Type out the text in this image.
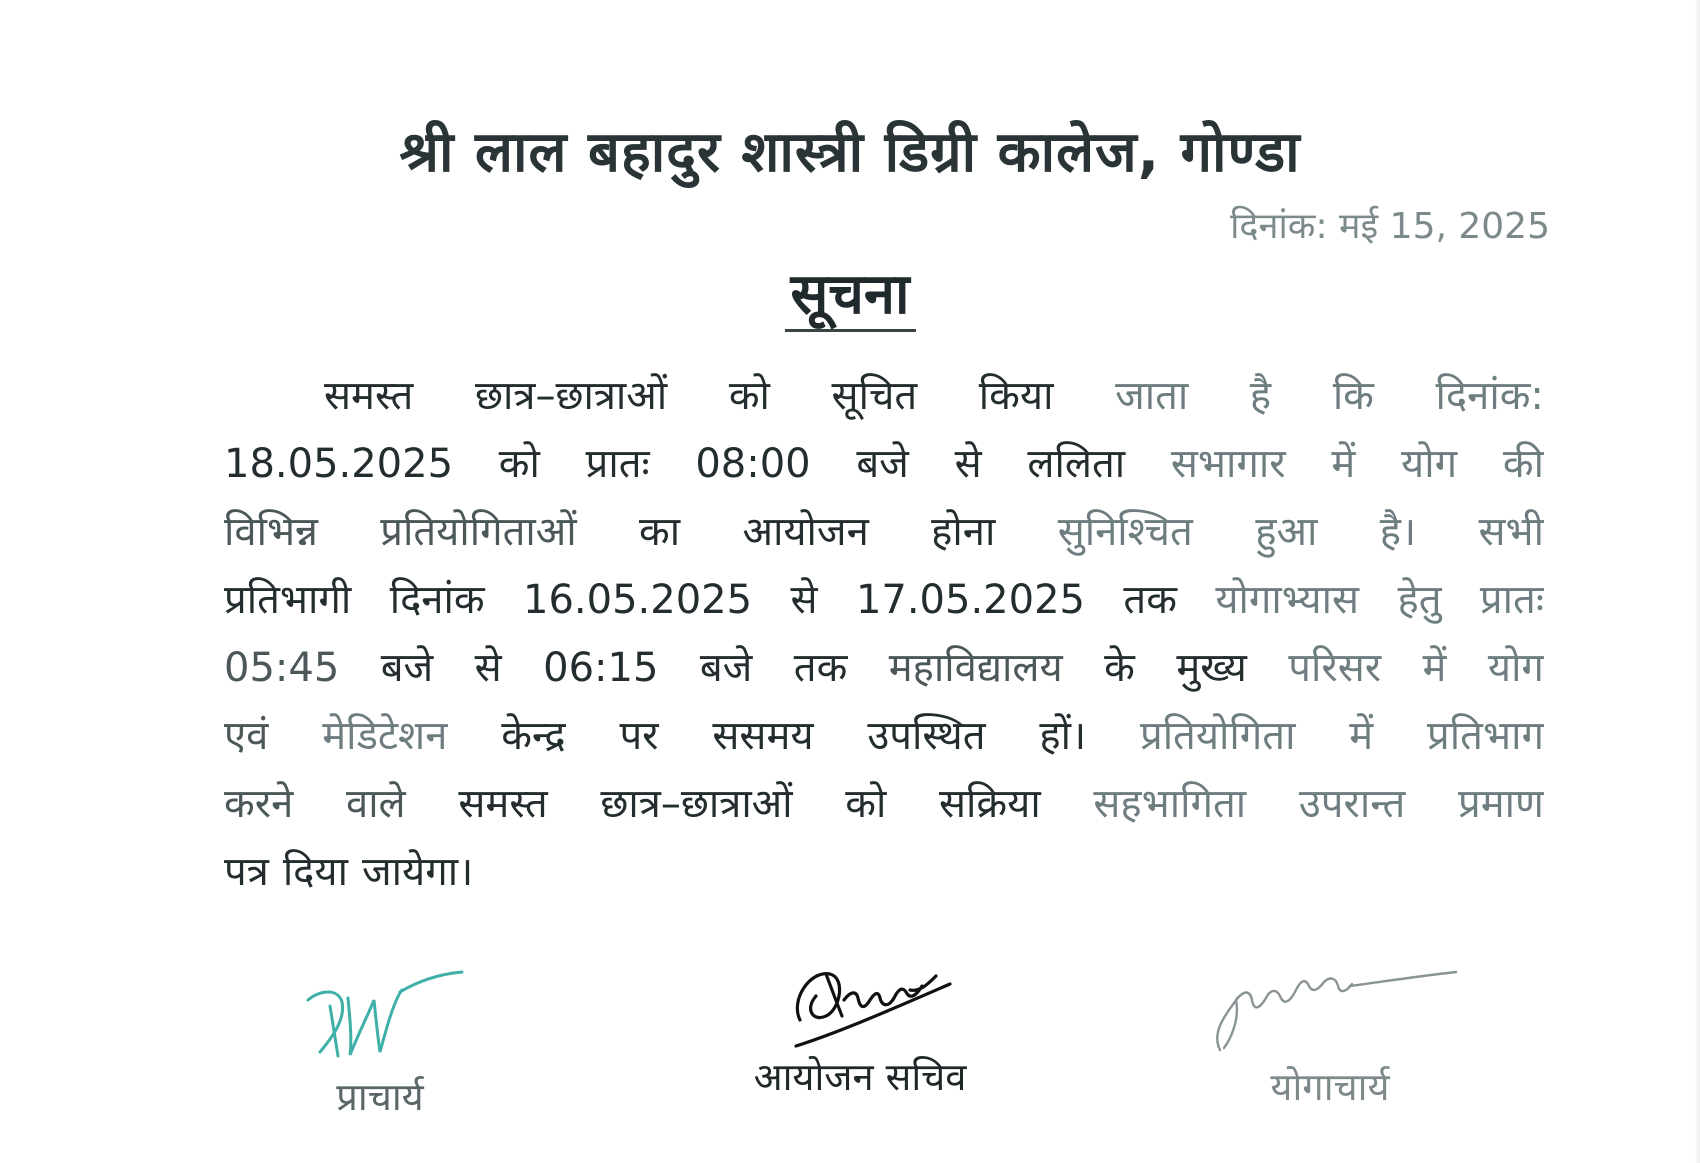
श्री लाल बहादुर शास्त्री डिग्री कालेज, गोण्डा
दिनांक: मई 15, 2025
सूचना
समस्त छात्र–छात्राओं को सूचित किया जाता है कि दिनांक:
18.05.2025 को प्रातः 08:00 बजे से ललिता सभागार में योग की
विभिन्न प्रतियोगिताओं का आयोजन होना सुनिश्चित हुआ है। सभी
प्रतिभागी दिनांक 16.05.2025 से 17.05.2025 तक योगाभ्यास हेतु प्रातः
05:45 बजे से 06:15 बजे तक महाविद्यालय के मुख्य परिसर में योग
एवं मेडिटेशन केन्द्र पर ससमय उपस्थित हों। प्रतियोगिता में प्रतिभाग
करने वाले समस्त छात्र–छात्राओं को सक्रिया सहभागिता उपरान्त प्रमाण
पत्र दिया जायेगा।
प्राचार्य	आयोजन सचिव	योगाचार्य
